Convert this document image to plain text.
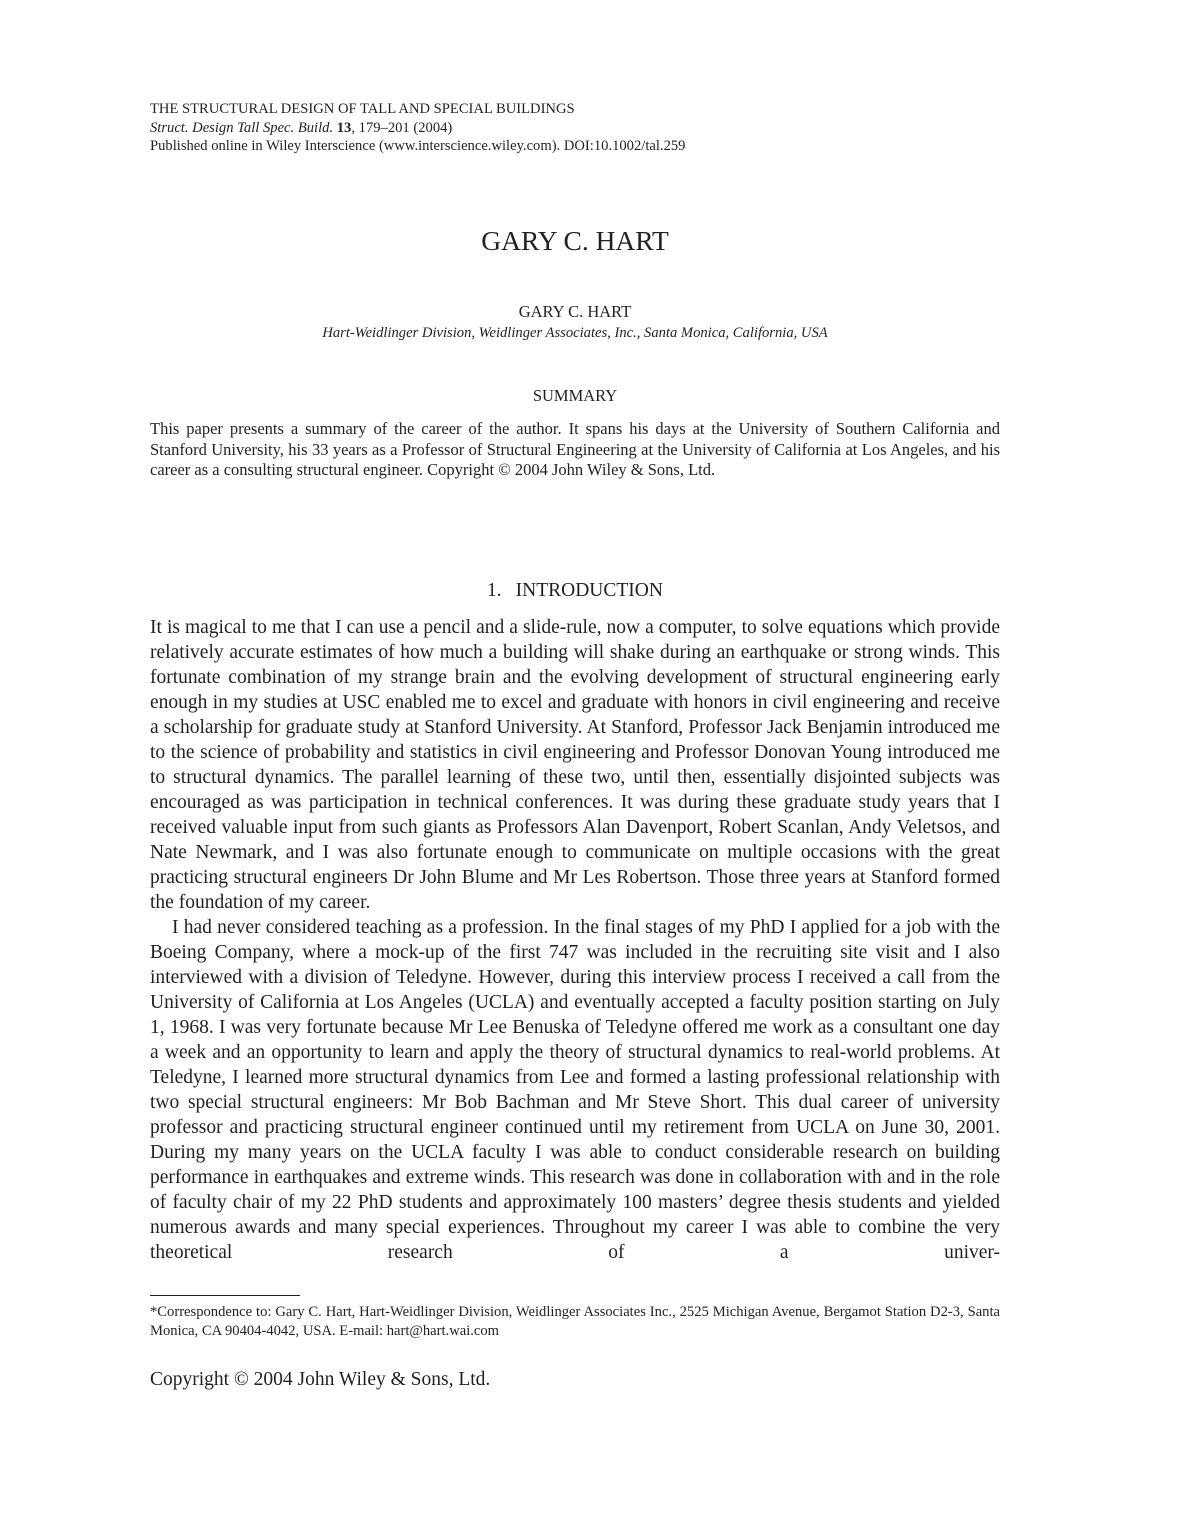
THE STRUCTURAL DESIGN OF TALL AND SPECIAL BUILDINGS
Struct. Design Tall Spec. Build. 13, 179–201 (2004)
Published online in Wiley Interscience (www.interscience.wiley.com). DOI:10.1002/tal.259
GARY C. HART
GARY C. HART
Hart-Weidlinger Division, Weidlinger Associates, Inc., Santa Monica, California, USA
SUMMARY

This paper presents a summary of the career of the author. It spans his days at the University of Southern California and Stanford University, his 33 years as a Professor of Structural Engineering at the University of California at Los Angeles, and his career as a consulting structural engineer. Copyright © 2004 John Wiley & Sons, Ltd.

1. INTRODUCTION

It is magical to me that I can use a pencil and a slide-rule, now a computer, to solve equations which provide relatively accurate estimates of how much a building will shake during an earthquake or strong winds. This fortunate combination of my strange brain and the evolving development of structural engineering early enough in my studies at USC enabled me to excel and graduate with honors in civil engineering and receive a scholarship for graduate study at Stanford University. At Stanford, Professor Jack Benjamin introduced me to the science of probability and statistics in civil engineering and Professor Donovan Young introduced me to structural dynamics. The parallel learning of these two, until then, essentially disjointed subjects was encouraged as was participation in technical conferences. It was during these graduate study years that I received valuable input from such giants as Professors Alan Davenport, Robert Scanlan, Andy Veletsos, and Nate Newmark, and I was also fortunate enough to communicate on multiple occasions with the great practicing structural engineers Dr John Blume and Mr Les Robertson. Those three years at Stanford formed the foundation of my career.

I had never considered teaching as a profession. In the final stages of my PhD I applied for a job with the Boeing Company, where a mock-up of the first 747 was included in the recruiting site visit and I also interviewed with a division of Teledyne. However, during this interview process I received a call from the University of California at Los Angeles (UCLA) and eventually accepted a faculty position starting on July 1, 1968. I was very fortunate because Mr Lee Benuska of Teledyne offered me work as a consultant one day a week and an opportunity to learn and apply the theory of structural dynamics to real-world problems. At Teledyne, I learned more structural dynamics from Lee and formed a lasting professional relationship with two special structural engineers: Mr Bob Bachman and Mr Steve Short. This dual career of university professor and practicing structural engineer continued until my retirement from UCLA on June 30, 2001. During my many years on the UCLA faculty I was able to conduct considerable research on building performance in earthquakes and extreme winds. This research was done in collaboration with and in the role of faculty chair of my 22 PhD students and approximately 100 masters’ degree thesis students and yielded numerous awards and many special experiences. Throughout my career I was able to combine the very theoretical research of a univer-

*Correspondence to: Gary C. Hart, Hart-Weidlinger Division, Weidlinger Associates Inc., 2525 Michigan Avenue, Bergamot Station D2-3, Santa Monica, CA 90404-4042, USA. E-mail: hart@hart.wai.com

Copyright © 2004 John Wiley & Sons, Ltd.
